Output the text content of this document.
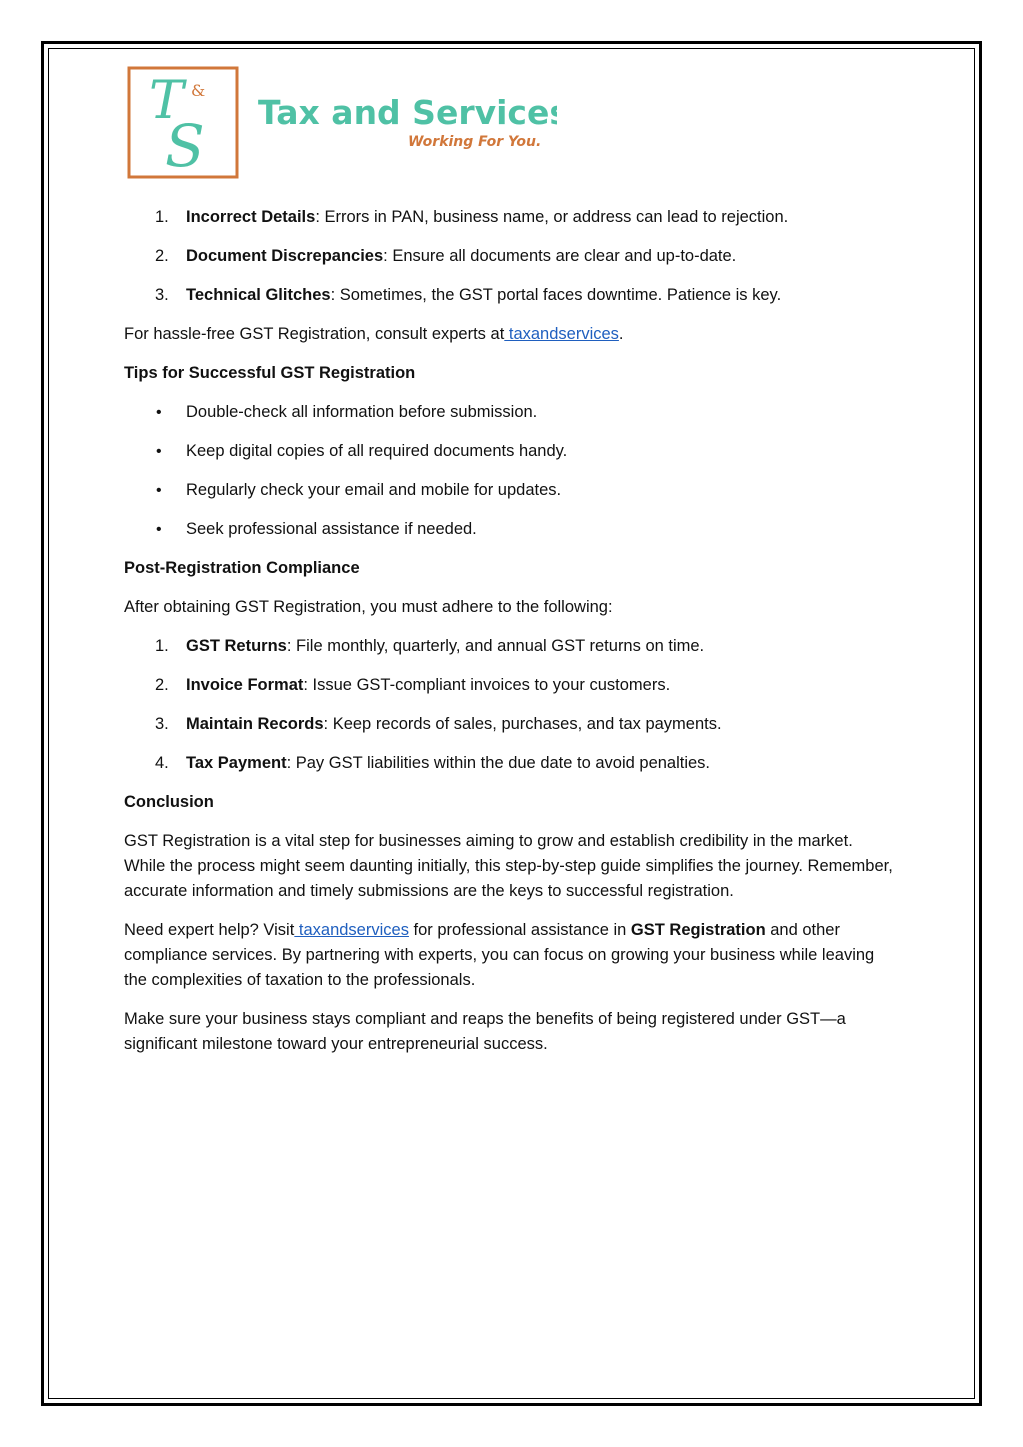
T &
S Tax and Services
Working For You.
1. Incorrect Details: Errors in PAN, business name, or address can lead to rejection.
2. Document Discrepancies: Ensure all documents are clear and up-to-date.
3. Technical Glitches: Sometimes, the GST portal faces downtime. Patience is key.

For hassle-free GST Registration, consult experts at taxandservices.

Tips for Successful GST Registration

• Double-check all information before submission.
• Keep digital copies of all required documents handy.
• Regularly check your email and mobile for updates.
• Seek professional assistance if needed.

Post-Registration Compliance

After obtaining GST Registration, you must adhere to the following:

1. GST Returns: File monthly, quarterly, and annual GST returns on time.
2. Invoice Format: Issue GST-compliant invoices to your customers.
3. Maintain Records: Keep records of sales, purchases, and tax payments.
4. Tax Payment: Pay GST liabilities within the due date to avoid penalties.

Conclusion

GST Registration is a vital step for businesses aiming to grow and establish credibility in the market. While the process might seem daunting initially, this step-by-step guide simplifies the journey. Remember, accurate information and timely submissions are the keys to successful registration.

Need expert help? Visit taxandservices for professional assistance in GST Registration and other compliance services. By partnering with experts, you can focus on growing your business while leaving the complexities of taxation to the professionals.

Make sure your business stays compliant and reaps the benefits of being registered under GST—a significant milestone toward your entrepreneurial success.
